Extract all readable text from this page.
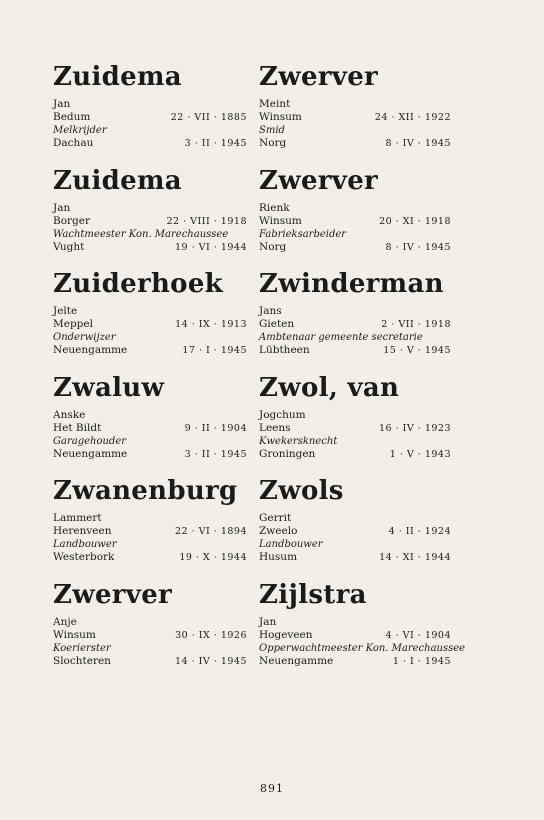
Zuidema
Jan
Bedum	22 · VII · 1885
Melkrijder
Dachau	3 · II · 1945
Zuidema
Jan
Borger	22 · VIII · 1918
Wachtmeester Kon. Marechaussee
Vught	19 · VI · 1944
Zuiderhoek
Jelte
Meppel	14 · IX · 1913
Onderwijzer
Neuengamme	17 · I · 1945
Zwaluw
Anske
Het Bildt	9 · II · 1904
Garagehouder
Neuengamme	3 · II · 1945
Zwanenburg
Lammert
Herenveen	22 · VI · 1894
Landbouwer
Westerbork	19 · X · 1944
Zwerver
Anje
Winsum	30 · IX · 1926
Koerierster
Slochteren	14 · IV · 1945
Zwerver
Meint
Winsum	24 · XII · 1922
Smid
Norg	8 · IV · 1945
Zwerver
Rienk
Winsum	20 · XI · 1918
Fabrieksarbeider
Norg	8 · IV · 1945
Zwinderman
Jans
Gieten	2 · VII · 1918
Ambtenaar gemeente secretarie
Lübtheen	15 · V · 1945
Zwol, van
Jogchum
Leens	16 · IV · 1923
Kwekersknecht
Groningen	1 · V · 1943
Zwols
Gerrit
Zweelo	4 · II · 1924
Landbouwer
Husum	14 · XI · 1944
Zijlstra
Jan
Hogeveen	4 · VI · 1904
Opperwachtmeester Kon. Marechaussee
Neuengamme	1 · I · 1945
891
